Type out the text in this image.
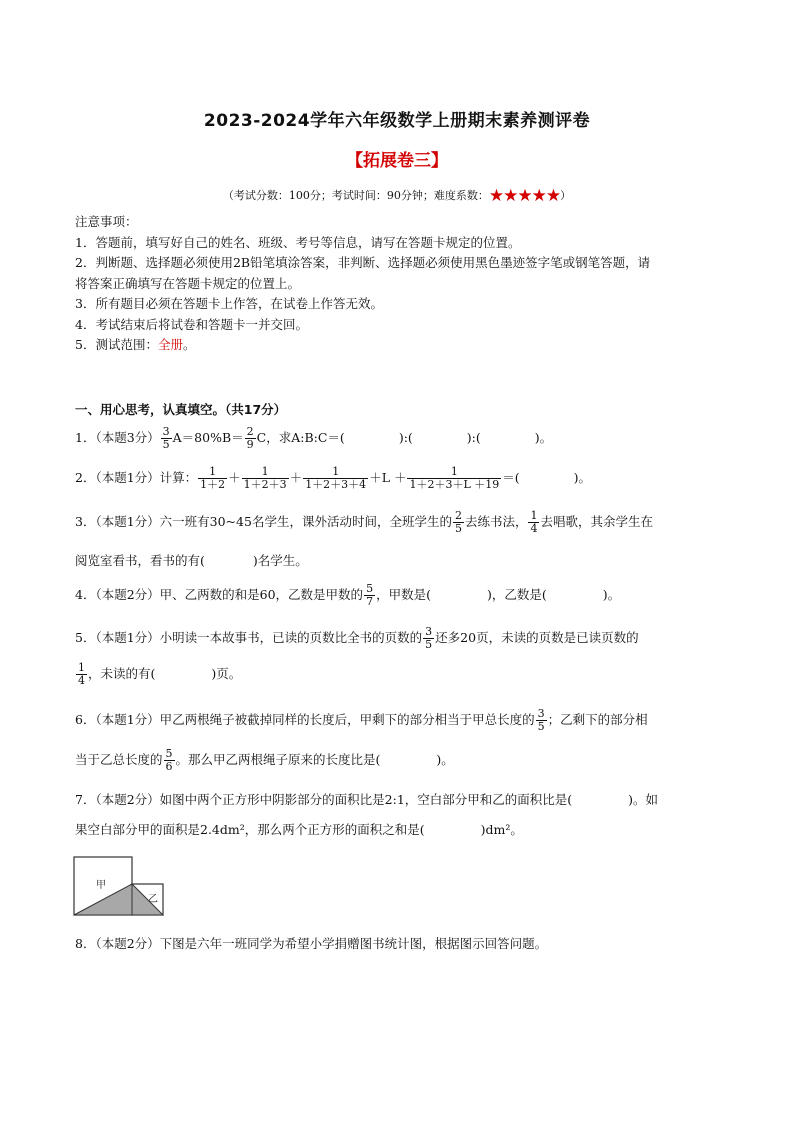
2023-2024学年六年级数学上册期末素养测评卷
【拓展卷三】
（考试分数：100分；考试时间：90分钟；难度系数：★★★★★）
注意事项：
1．答题前，填写好自己的姓名、班级、考号等信息，请写在答题卡规定的位置。
2．判断题、选择题必须使用2B铅笔填涂答案，非判断、选择题必须使用黑色墨迹签字笔或钢笔答题，请
将答案正确填写在答题卡规定的位置上。
3．所有题目必须在答题卡上作答，在试卷上作答无效。
4．考试结束后将试卷和答题卡一并交回。
5．测试范围：全册。
一、用心思考，认真填空。（共17分）
1．（本题3分） $\frac{3}{5} A=80\%B= \frac{2}{9}$ C，求A:B:C＝(	):(	):(	)。
2．（本题1分）计算： $\frac{1}{1+2} + \frac{1}{1+2+3} + \frac{1}{1+2+3+4} +L + \frac{1}{1+2+3+L +19}$ ＝(	)。
3．（本题1分）六一班有30~45名学生，课外活动时间，全班学生的 $\frac{2}{5}$ 去练书法， $\frac{1}{4}$ 去唱歌，其余学生在
阅览室看书，看书的有(	)名学生。
4．（本题2分）甲、乙两数的和是60，乙数是甲数的 $\frac{5}{7}$ ，甲数是(	)，乙数是(	)。
5．（本题1分）小明读一本故事书，已读的页数比全书的页数的 $\frac{3}{5}$ 还多20页，未读的页数是已读页数的
$\frac{1}{4}$ ，未读的有(	)页。
6．（本题1分）甲乙两根绳子被截掉同样的长度后，甲剩下的部分相当于甲总长度的 $\frac{3}{5}$ ；乙剩下的部分相
当于乙总长度的 $\frac{5}{6}$ 。那么甲乙两根绳子原来的长度比是(	)。
7．（本题2分）如图中两个正方形中阴影部分的面积比是2:1，空白部分甲和乙的面积比是(	)。如
果空白部分甲的面积是2.4dm²，那么两个正方形的面积之和是(	)dm²。
甲
乙
8．（本题2分）下图是六年一班同学为希望小学捐赠图书统计图，根据图示回答问题。
